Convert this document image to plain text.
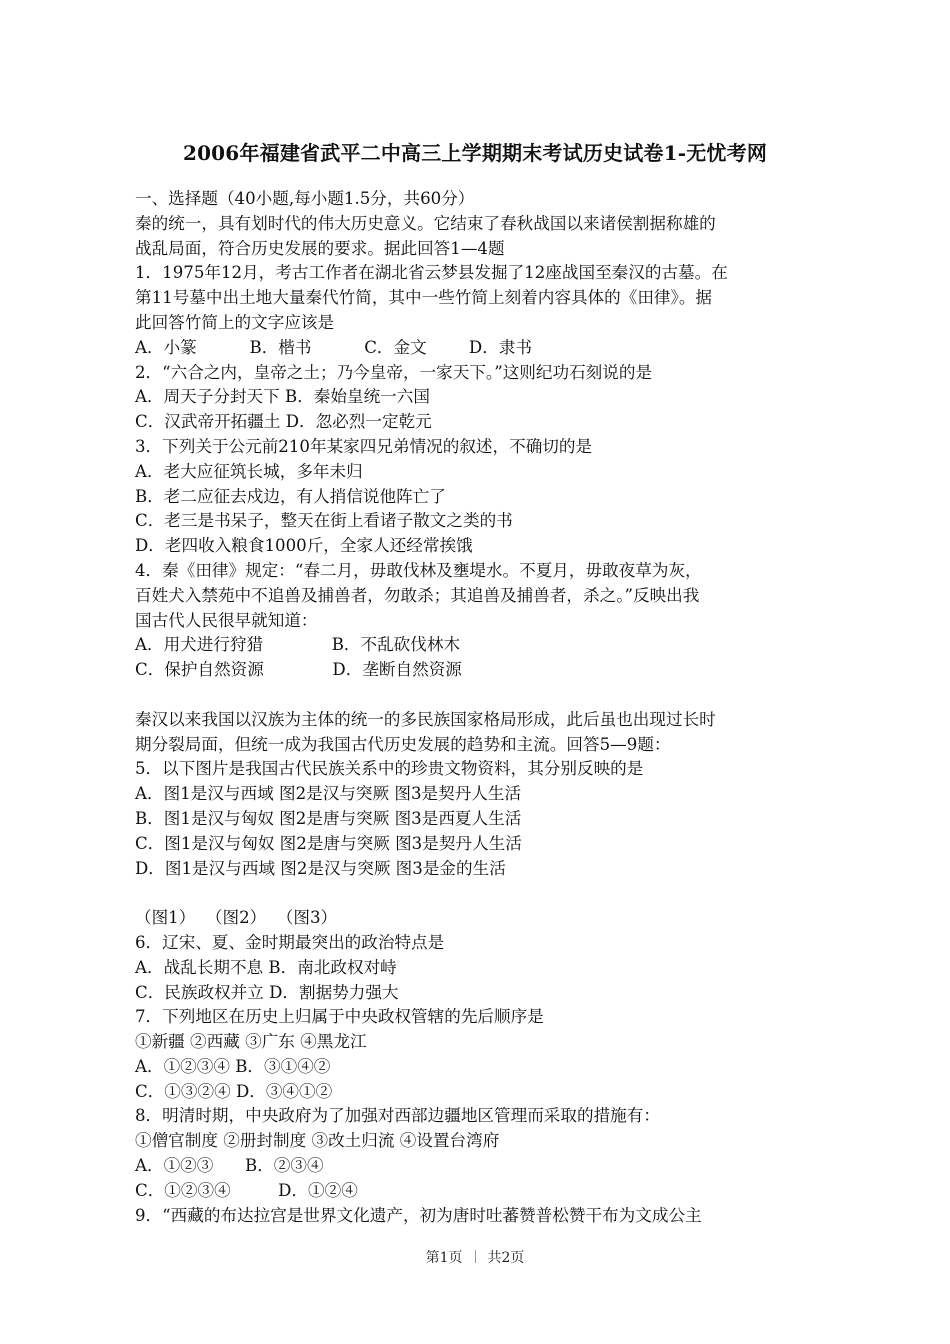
2006年福建省武平二中高三上学期期末考试历史试卷1-无忧考网
一、选择题（40小题,每小题1.5分，共60分）
秦的统一，具有划时代的伟大历史意义。它结束了春秋战国以来诸侯割据称雄的
战乱局面，符合历史发展的要求。据此回答1—4题
1．1975年12月，考古工作者在湖北省云梦县发掘了12座战国至秦汉的古墓。在
第11号墓中出土地大量秦代竹简，其中一些竹简上刻着内容具体的《田律》。据
此回答竹简上的文字应该是
A．小篆          B．楷书          C．金文        D．隶书
2．“六合之内，皇帝之土；乃今皇帝，一家天下。”这则纪功石刻说的是
A．周天子分封天下 B．秦始皇统一六国
C．汉武帝开拓疆土 D．忽必烈一定乾元
3．下列关于公元前210年某家四兄弟情况的叙述，不确切的是
A．老大应征筑长城，多年未归
B．老二应征去戍边，有人捎信说他阵亡了
C．老三是书呆子，整天在街上看诸子散文之类的书
D．老四收入粮食1000斤，全家人还经常挨饿
4．秦《田律》规定：“春二月，毋敢伐林及壅堤水。不夏月，毋敢夜草为灰，
百姓犬入禁苑中不追兽及捕兽者，勿敢杀；其追兽及捕兽者，杀之。”反映出我
国古代人民很早就知道：
A．用犬进行狩猎             B．不乱砍伐林木
C．保护自然资源             D．垄断自然资源
秦汉以来我国以汉族为主体的统一的多民族国家格局形成，此后虽也出现过长时
期分裂局面，但统一成为我国古代历史发展的趋势和主流。回答5—9题：
5．以下图片是我国古代民族关系中的珍贵文物资料，其分别反映的是
A．图1是汉与西域 图2是汉与突厥 图3是契丹人生活
B．图1是汉与匈奴 图2是唐与突厥 图3是西夏人生活
C．图1是汉与匈奴 图2是唐与突厥 图3是契丹人生活
D．图1是汉与西域 图2是汉与突厥 图3是金的生活
（图1）  （图2）  （图3）
6．辽宋、夏、金时期最突出的政治特点是
A．战乱长期不息 B．南北政权对峙
C．民族政权并立 D．割据势力强大
7．下列地区在历史上归属于中央政权管辖的先后顺序是
①新疆 ②西藏 ③广东 ④黑龙江
A．①②③④ B．③①④②
C．①③②④ D．③④①②
8．明清时期，中央政府为了加强对西部边疆地区管理而采取的措施有：
①僧官制度 ②册封制度 ③改土归流 ④设置台湾府
A．①②③      B．②③④
C．①②③④         D．①②④
9．“西藏的布达拉宫是世界文化遗产，初为唐时吐蕃赞普松赞干布为文成公主
第1页 共2页
